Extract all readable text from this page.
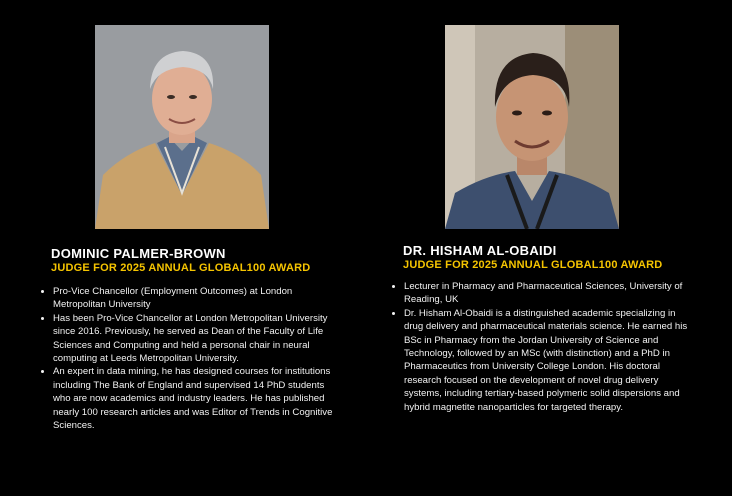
DOMINIC PALMER-BROWN

JUDGE FOR 2025 ANNUAL GLOBAL100 AWARD

• Pro-Vice Chancellor (Employment Outcomes) at London Metropolitan University
• Has been Pro-Vice Chancellor at London Metropolitan University since 2016. Previously, he served as Dean of the Faculty of Life Sciences and Computing and held a personal chair in neural computing at Leeds Metropolitan University.
• An expert in data mining, he has designed courses for institutions including The Bank of England and supervised 14 PhD students who are now academics and industry leaders. He has published nearly 100 research articles and was Editor of Trends in Cognitive Sciences.
DR. HISHAM AL-OBAIDI

JUDGE FOR 2025 ANNUAL GLOBAL100 AWARD

• Lecturer in Pharmacy and Pharmaceutical Sciences, University of Reading, UK
• Dr. Hisham Al-Obaidi is a distinguished academic specializing in drug delivery and pharmaceutical materials science. He earned his BSc in Pharmacy from the Jordan University of Science and Technology, followed by an MSc (with distinction) and a PhD in Pharmaceutics from University College London. His doctoral research focused on the development of novel drug delivery systems, including tertiary-based polymeric solid dispersions and hybrid magnetite nanoparticles for targeted therapy.
